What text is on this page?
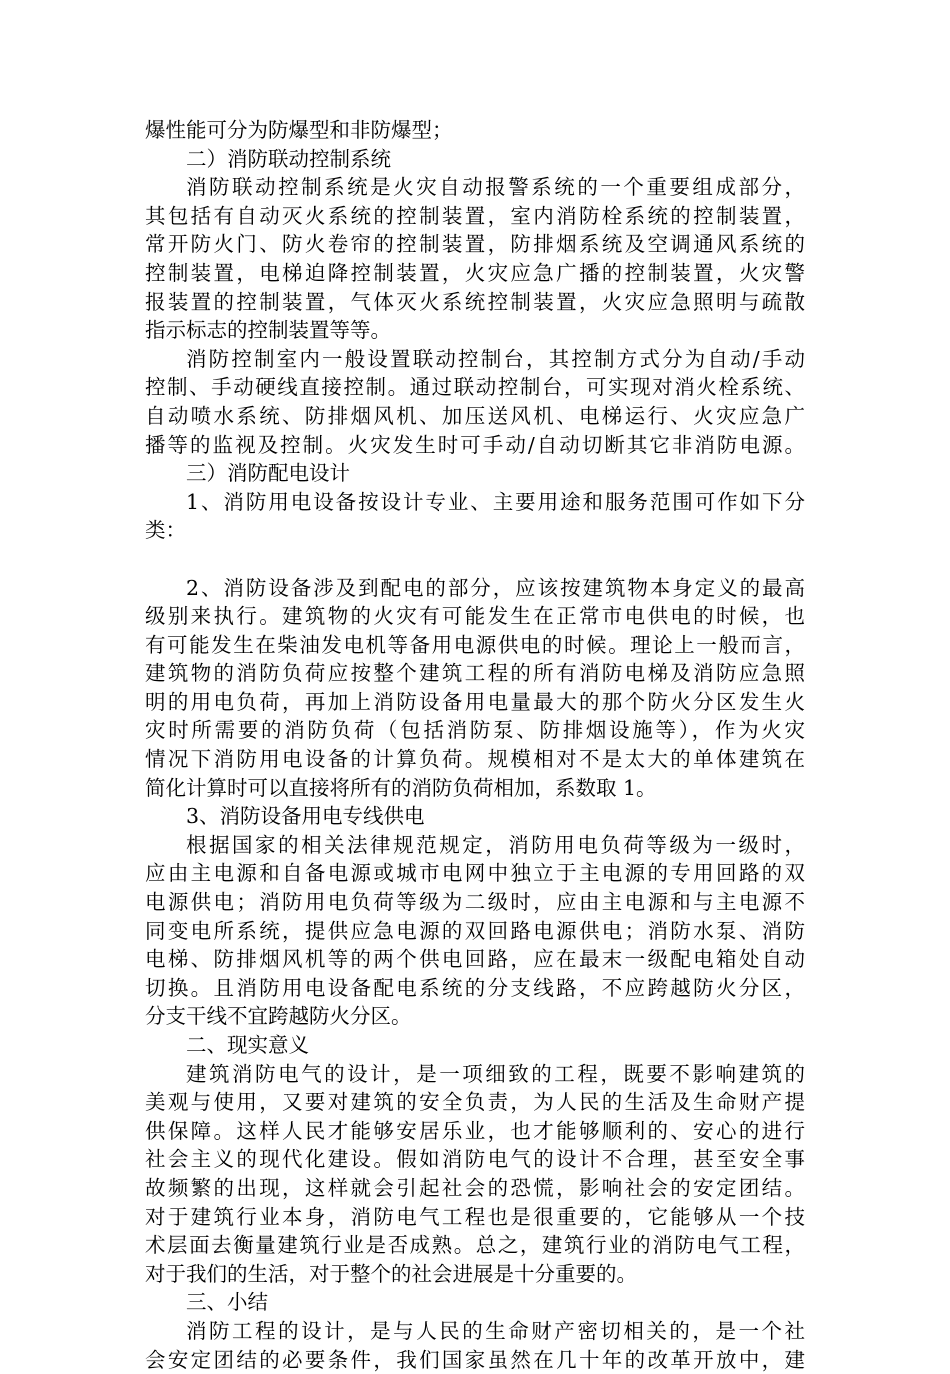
爆性能可分为防爆型和非防爆型；
二）消防联动控制系统
消防联动控制系统是火灾自动报警系统的一个重要组成部分，
其包括有自动灭火系统的控制装置，室内消防栓系统的控制装置，
常开防火门、防火卷帘的控制装置，防排烟系统及空调通风系统的
控制装置，电梯迫降控制装置，火灾应急广播的控制装置，火灾警
报装置的控制装置，气体灭火系统控制装置，火灾应急照明与疏散
指示标志的控制装置等等。
消防控制室内一般设置联动控制台，其控制方式分为自动/手动
控制、手动硬线直接控制。通过联动控制台，可实现对消火栓系统、
自动喷水系统、防排烟风机、加压送风机、电梯运行、火灾应急广
播等的监视及控制。火灾发生时可手动/自动切断其它非消防电源。
三）消防配电设计
1、消防用电设备按设计专业、主要用途和服务范围可作如下分
类：
2、消防设备涉及到配电的部分，应该按建筑物本身定义的最高
级别来执行。建筑物的火灾有可能发生在正常市电供电的时候，也
有可能发生在柴油发电机等备用电源供电的时候。理论上一般而言，
建筑物的消防负荷应按整个建筑工程的所有消防电梯及消防应急照
明的用电负荷，再加上消防设备用电量最大的那个防火分区发生火
灾时所需要的消防负荷（包括消防泵、防排烟设施等），作为火灾
情况下消防用电设备的计算负荷。规模相对不是太大的单体建筑在
简化计算时可以直接将所有的消防负荷相加，系数取 1。
3、消防设备用电专线供电
根据国家的相关法律规范规定，消防用电负荷等级为一级时，
应由主电源和自备电源或城市电网中独立于主电源的专用回路的双
电源供电；消防用电负荷等级为二级时，应由主电源和与主电源不
同变电所系统，提供应急电源的双回路电源供电；消防水泵、消防
电梯、防排烟风机等的两个供电回路，应在最末一级配电箱处自动
切换。且消防用电设备配电系统的分支线路，不应跨越防火分区，
分支干线不宜跨越防火分区。
二、现实意义
建筑消防电气的设计，是一项细致的工程，既要不影响建筑的
美观与使用，又要对建筑的安全负责，为人民的生活及生命财产提
供保障。这样人民才能够安居乐业，也才能够顺利的、安心的进行
社会主义的现代化建设。假如消防电气的设计不合理，甚至安全事
故频繁的出现，这样就会引起社会的恐慌，影响社会的安定团结。
对于建筑行业本身，消防电气工程也是很重要的，它能够从一个技
术层面去衡量建筑行业是否成熟。总之，建筑行业的消防电气工程，
对于我们的生活，对于整个的社会进展是十分重要的。
三、小结
消防工程的设计，是与人民的生命财产密切相关的，是一个社
会安定团结的必要条件，我们国家虽然在几十年的改革开放中，建
